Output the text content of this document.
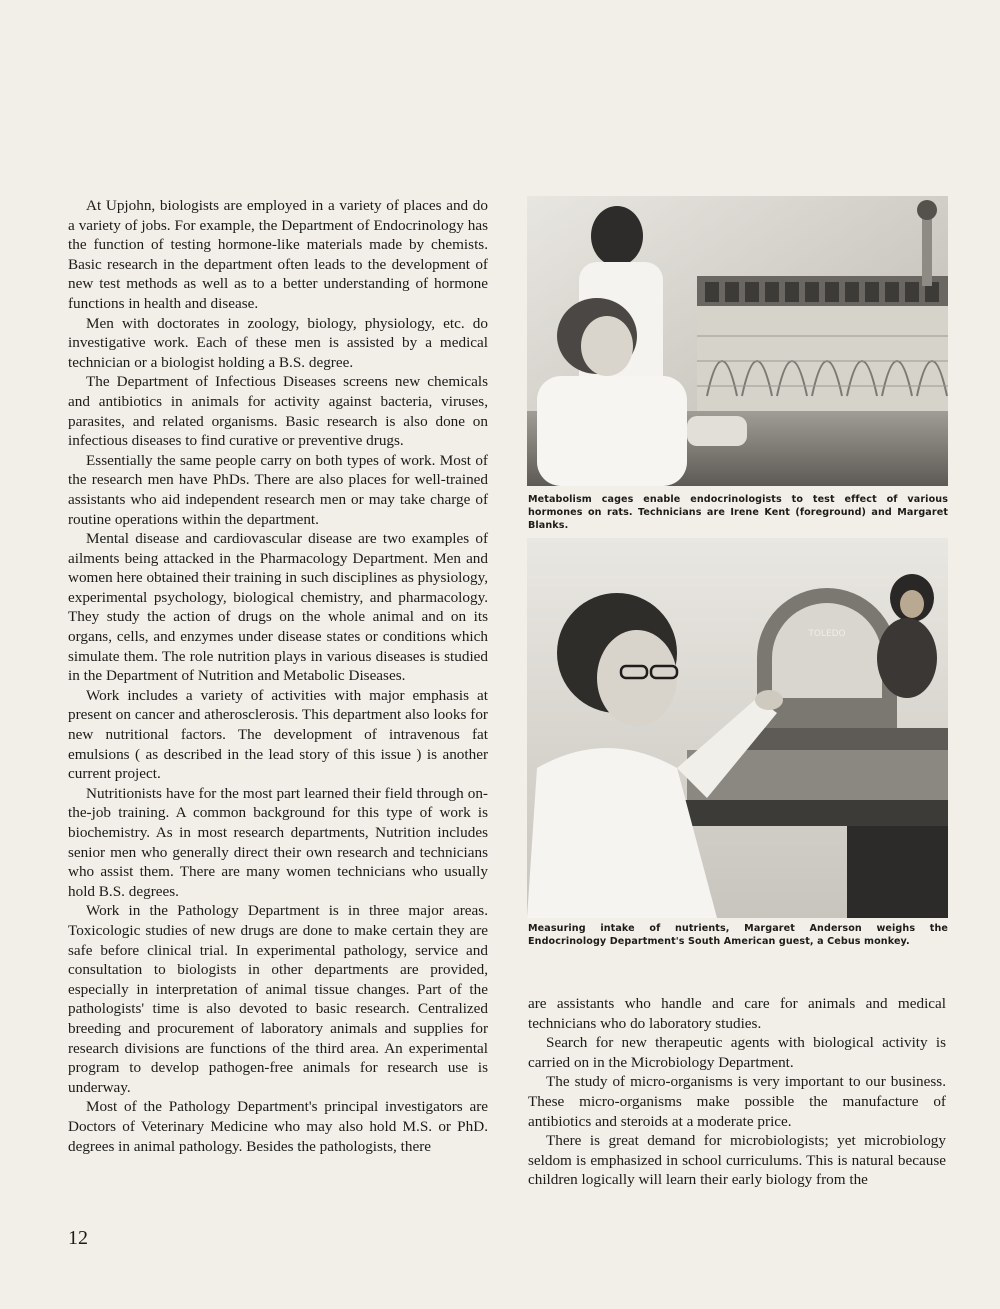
At Upjohn, biologists are employed in a variety of places and do a variety of jobs. For example, the Department of Endocrinology has the function of testing hormone-like materials made by chemists. Basic research in the department often leads to the development of new test methods as well as to a better understanding of hormone functions in health and disease.

Men with doctorates in zoology, biology, physiology, etc. do investigative work. Each of these men is assisted by a medical technician or a biologist holding a B.S. degree.

The Department of Infectious Diseases screens new chemicals and antibiotics in animals for activity against bacteria, viruses, parasites, and related organisms. Basic research is also done on infectious diseases to find curative or preventive drugs.

Essentially the same people carry on both types of work. Most of the research men have PhDs. There are also places for well-trained assistants who aid independent research men or may take charge of routine operations within the department.

Mental disease and cardiovascular disease are two examples of ailments being attacked in the Pharmacology Department. Men and women here obtained their training in such disciplines as physiology, experimental psychology, biological chemistry, and pharmacology. They study the action of drugs on the whole animal and on its organs, cells, and enzymes under disease states or conditions which simulate them. The role nutrition plays in various diseases is studied in the Department of Nutrition and Metabolic Diseases.

Work includes a variety of activities with major emphasis at present on cancer and atherosclerosis. This department also looks for new nutritional factors. The development of intravenous fat emulsions ( as described in the lead story of this issue ) is another current project.

Nutritionists have for the most part learned their field through on-the-job training. A common background for this type of work is biochemistry. As in most research departments, Nutrition includes senior men who generally direct their own research and technicians who assist them. There are many women technicians who usually hold B.S. degrees.

Work in the Pathology Department is in three major areas. Toxicologic studies of new drugs are done to make certain they are safe before clinical trial. In experimental pathology, service and consultation to biologists in other departments are provided, especially in interpretation of animal tissue changes. Part of the pathologists' time is also devoted to basic research. Centralized breeding and procurement of laboratory animals and supplies for research divisions are functions of the third area. An experimental program to develop pathogen-free animals for research use is underway.

Most of the Pathology Department's principal investigators are Doctors of Veterinary Medicine who may also hold M.S. or PhD. degrees in animal pathology. Besides the pathologists, there

Metabolism cages enable endocrinologists to test effect of various hormones on rats. Technicians are Irene Kent (foreground) and Margaret Blanks.
TOLEDO
Measuring intake of nutrients, Margaret Anderson weighs the Endocrinology Department's South American guest, a Cebus monkey.

are assistants who handle and care for animals and medical technicians who do laboratory studies.

Search for new therapeutic agents with biological activity is carried on in the Microbiology Department.

The study of micro-organisms is very important to our business. These micro-organisms make possible the manufacture of antibiotics and steroids at a moderate price.

There is great demand for microbiologists; yet microbiology seldom is emphasized in school curriculums. This is natural because children logically will learn their early biology from the

12
